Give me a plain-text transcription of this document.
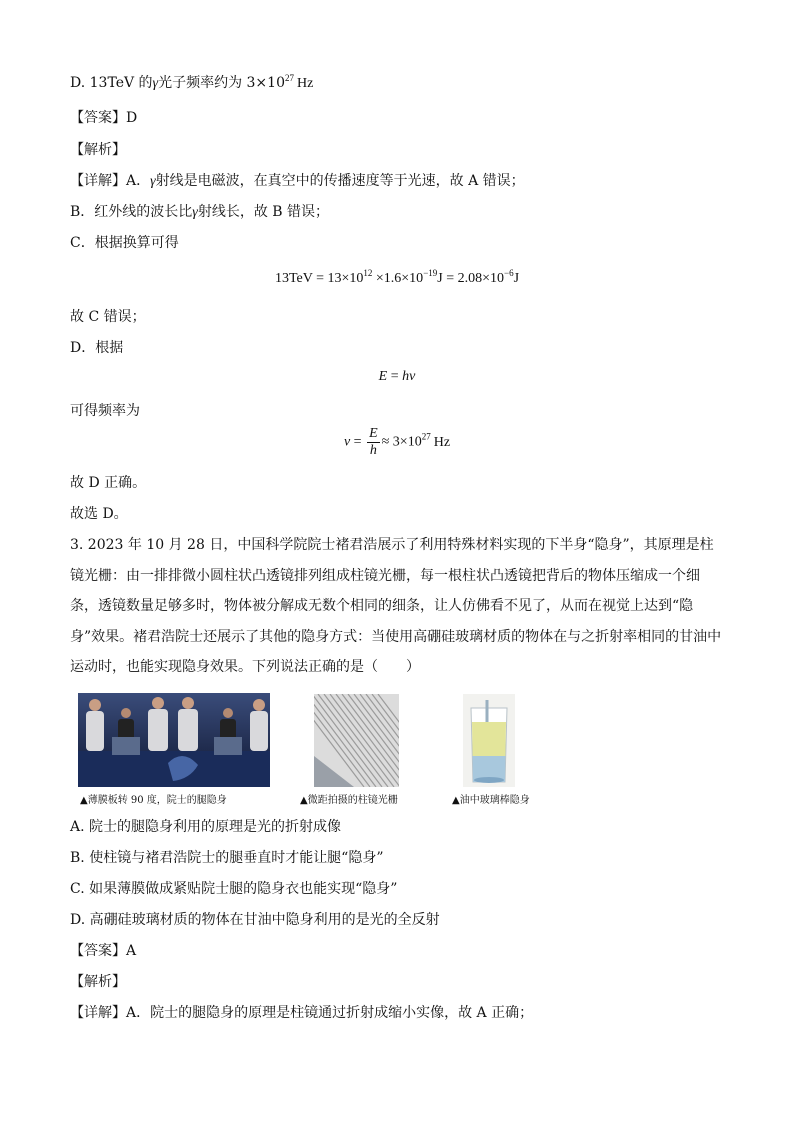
D. 13TeV 的γ光子频率约为 $3\times 10^{27}$ Hz
【答案】D
【解析】
【详解】A．γ射线是电磁波，在真空中的传播速度等于光速，故 A 错误；
B．红外线的波长比γ射线长，故 B 错误；
C．根据换算可得
$13TeV = 13\times 10^{12} \times 1.6\times 10^{-19}J = 2.08\times 10^{-6}J$
故 C 错误；
D．根据
E = hν
可得频率为
$\nu = \frac{E}{h} \approx 3\times 10^{27}$ Hz
故 D 正确。
故选 D。
3. 2023 年 10 月 28 日，中国科学院院士褚君浩展示了利用特殊材料实现的下半身“隐身”，其原理是柱镜光栅：由一排排微小圆柱状凸透镜排列组成柱镜光栅，每一根柱状凸透镜把背后的物体压缩成一个细条，透镜数量足够多时，物体被分解成无数个相同的细条，让人仿佛看不见了，从而在视觉上达到“隐身”效果。褚君浩院士还展示了其他的隐身方式：当使用高硼硅玻璃材质的物体在与之折射率相同的甘油中运动时，也能实现隐身效果。下列说法正确的是（　　）
▲薄膜板转 90 度，院士的腿隐身	▲微距拍摄的柱镜光栅	▲油中玻璃棒隐身
A. 院士的腿隐身利用的原理是光的折射成像
B. 使柱镜与褚君浩院士的腿垂直时才能让腿“隐身”
C. 如果薄膜做成紧贴院士腿的隐身衣也能实现“隐身”
D. 高硼硅玻璃材质的物体在甘油中隐身利用的是光的全反射
【答案】A
【解析】
【详解】A．院士的腿隐身的原理是柱镜通过折射成缩小实像，故 A 正确；
